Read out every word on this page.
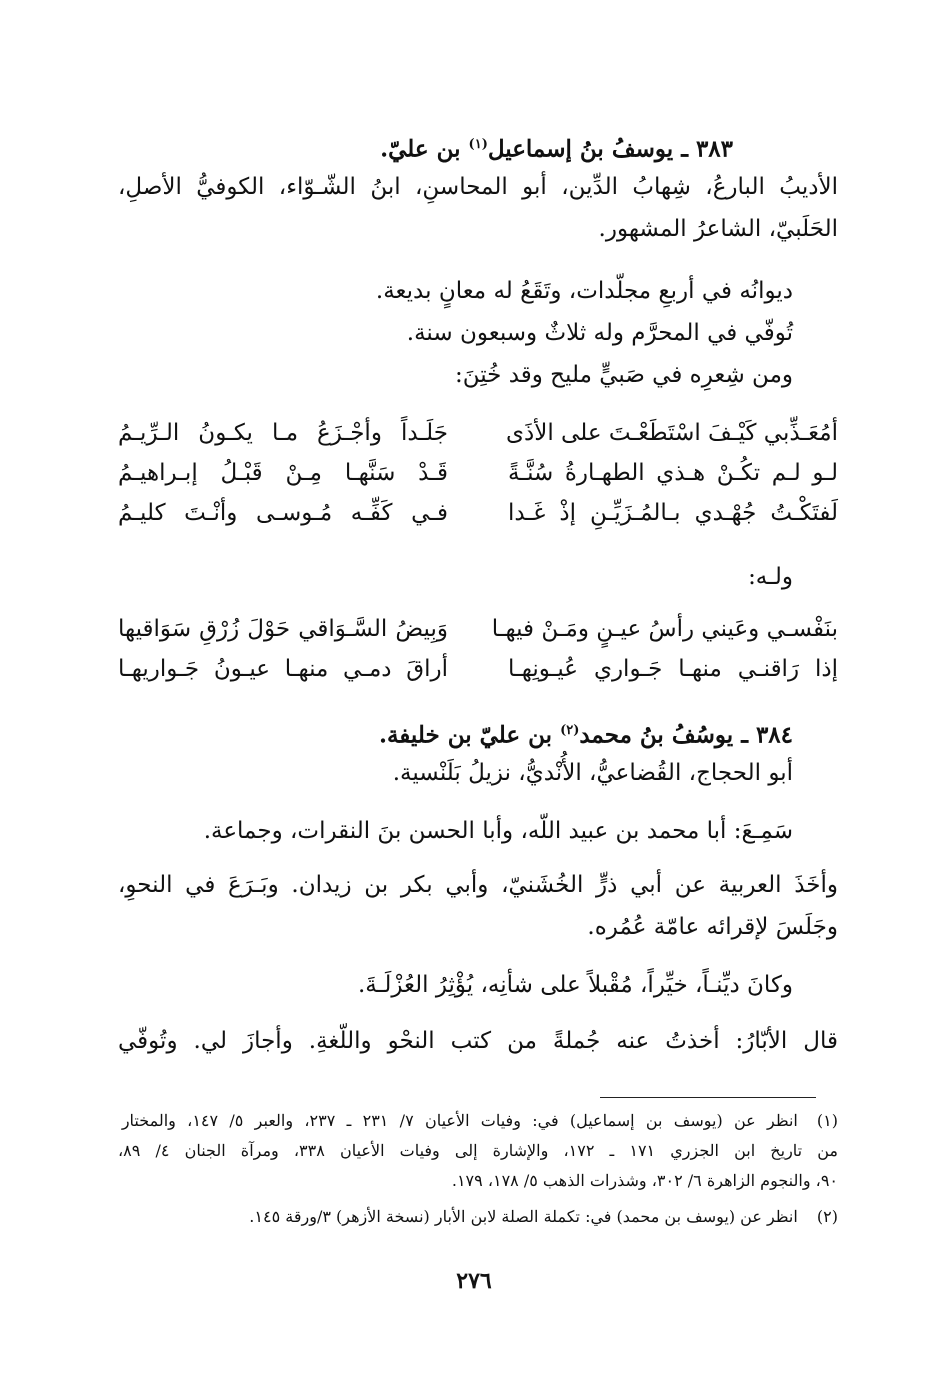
٣٨٣ ـ يوسفُ بنُ إسماعيل$^{(١)}$ بن عليّ.
الأديبُ البارعُ، شِهابُ الدِّين، أبو المحاسنِ، ابنُ الشّـوّاء، الكوفيُّ الأصلِ،
الحَلَبيّ، الشاعرُ المشهور.
ديوانُه في أربعِ مجلّدات، وتَقَعُ له معانٍ بديعة.
تُوفّي في المحرَّم وله ثلاثٌ وسبعون سنة.
ومن شِعرِه في صَبيٍّ مليح وقد خُتِنَ:
أمُعَـذِّبي كَيْـفَ اسْتَطَعْـتَ على الأذَى
جَلَـداً وأجْـزَعُ مـا يكـونُ الـرِّيـمُ
لـو لـم تكُـنْ هـذي الطهـارةُ سُنَّـةً
قَـدْ سَنَّهـا مِـنْ قَبْـلُ إبـراهيـمُ
لَفتَكْـتُ جُهْـدي بـالمُـزَيِّـنِ إذْ غَـدا
فـي كَفِّـه مُـوسـى وأنْـتَ كليـمُ
ولـه:
بنَفْسـي وعَيني رأسُ عيـنٍ ومَـنْ فيهـا
وَبِيضُ السَّـوَاقي حَوْلَ زُرْقِ سَوَاقيها
إذا رَاقنـي منهـا جَـواري عُيـونِهـا
أراقَ دمـي منهـا عيـونُ جَـواريهـا
٣٨٤ ـ يوسُفُ بنُ محمد$^{(٢)}$ بن عليّ بن خليفة.
أبو الحجاج، القُضاعيُّ، الأُنْديُّ، نزيلُ بَلَنْسية.
سَمِـعَ: أبا محمد بن عبيد اللّه، وأبا الحسن بنَ النقرات، وجماعة.
وأخَذَ العربية عن أبي ذرٍّ الخُشَنيّ، وأبي بكر بن زيدان. وبَـرَعَ في النحوِ،
وجَلَسَ لإقرائه عامّة عُمُره.
وكانَ ديِّنـاً، خيِّراً، مُقْبلاً على شأنِه، يُؤْثِرُ العُزْلَـةَ.
قال الأبّارُ: أخذتُ عنه جُملةً من كتب النحْو واللّغةِ. وأجازَ لي. وتُوفّي
(١) انظر عن (يوسف بن إسماعيل) في: وفيات الأعيان ٧/ ٢٣١ ـ ٢٣٧، والعبر ٥/ ١٤٧، والمختار
من تاريخ ابن الجزري ١٧١ ـ ١٧٢، والإشارة إلى وفيات الأعيان ٣٣٨، ومرآة الجنان ٤/ ٨٩،
٩٠، والنجوم الزاهرة ٦/ ٣٠٢، وشذرات الذهب ٥/ ١٧٨، ١٧٩.
(٢) انظر عن (يوسف بن محمد) في: تكملة الصلة لابن الأبار (نسخة الأزهر) ٣/ورقة ١٤٥.
٢٧٦
